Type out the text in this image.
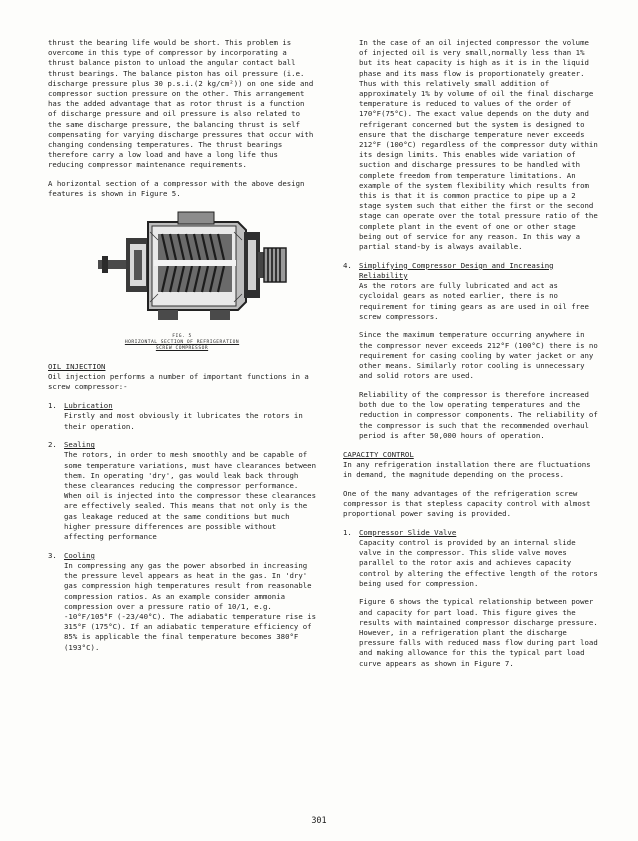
thrust the bearing life would be short. This problem is overcome in this type of compressor by incorporating a thrust balance piston to unload the angular contact ball thrust bearings. The balance piston has oil pressure (i.e. discharge pressure plus 30 p.s.i.(2 kg/cm²)) on one side and compressor suction pressure on the other. This arrangement has the added advantage that as rotor thrust is a function of discharge pressure and oil pressure is also related to the same discharge pressure, the balancing thrust is self compensating for varying discharge pressures that occur with changing condensing temperatures. The thrust bearings therefore carry a low load and have a long life thus reducing compressor maintenance requirements.

A horizontal section of a compressor with the above design features is shown in Figure 5.

FIG. 5
HORIZONTAL SECTION OF REFRIGERATION
SCREW COMPRESSOR
OIL INJECTION

Oil injection performs a number of important functions in a screw compressor:-

1. Lubrication

Firstly and most obviously it lubricates the rotors in their operation.

2. Sealing

The rotors, in order to mesh smoothly and be capable of some temperature variations, must have clearances between them. In operating 'dry', gas would leak back through these clearances reducing the compressor performance. When oil is injected into the compressor these clearances are effectively sealed. This means that not only is the gas leakage reduced at the same conditions but much higher pressure differences are possible without affecting performance

3. Cooling

In compressing any gas the power absorbed in increasing the pressure level appears as heat in the gas. In 'dry' gas compression high temperatures result from reasonable compression ratios. As an example consider ammonia compression over a pressure ratio of 10/1, e.g. -10°F/105°F (-23/40°C). The adiabatic temperature rise is 315°F (175°C). If an adiabatic temperature efficiency of 85% is applicable the final temperature becomes 380°F (193°C).

In the case of an oil injected compressor the volume of injected oil is very small,normally less than 1% but its heat capacity is high as it is in the liquid phase and its mass flow is proportionately greater. Thus with this relatively small addition of approximately 1% by volume of oil the final discharge temperature is reduced to values of the order of 170°F(75°C). The exact value depends on the duty and refrigerant concerned but the system is designed to ensure that the discharge temperature never exceeds 212°F (100°C) regardless of the compressor duty within its design limits. This enables wide variation of suction and discharge pressures to be handled with complete freedom from temperature limitations. An example of the system flexibility which results from this is that it is common practice to pipe up a 2 stage system such that either the first or the second stage can operate over the total pressure ratio of the complete plant in the event of one or other stage being out of service for any reason. In this way a partial stand-by is always available.

4. Simplifying Compressor Design and Increasing Reliability

As the rotors are fully lubricated and act as cycloidal gears as noted earlier, there is no requirement for timing gears as are used in oil free screw compressors.

Since the maximum temperature occurring anywhere in the compressor never exceeds 212°F (100°C) there is no requirement for casing cooling by water jacket or any other means. Similarly rotor cooling is unnecessary and solid rotors are used.

Reliability of the compressor is therefore increased both due to the low operating temperatures and the reduction in compressor components. The reliability of the compressor is such that the recommended overhaul period is after 50,000 hours of operation.

CAPACITY CONTROL

In any refrigeration installation there are fluctuations in demand, the magnitude depending on the process.

One of the many advantages of the refrigeration screw compressor is that stepless capacity control with almost proportional power saving is provided.

1. Compressor Slide Valve

Capacity control is provided by an internal slide valve in the compressor. This slide valve moves parallel to the rotor axis and achieves capacity control by altering the effective length of the rotors being used for compression.

Figure 6 shows the typical relationship between power and capacity for part load. This figure gives the results with maintained compressor discharge pressure. However, in a refrigeration plant the discharge pressure falls with reduced mass flow during part load and making allowance for this the typical part load curve appears as shown in Figure 7.

301
